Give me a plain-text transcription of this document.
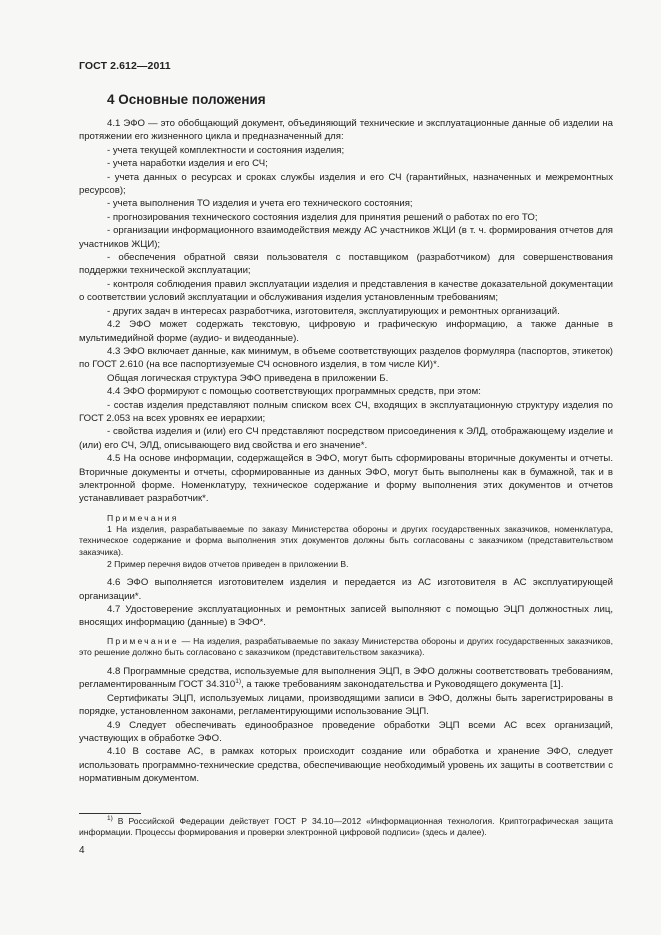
ГОСТ 2.612—2011
4 Основные положения

4.1 ЭФО — это обобщающий документ, объединяющий технические и эксплуатационные данные об изделии на протяжении его жизненного цикла и предназначенный для:

- учета текущей комплектности и состояния изделия;

- учета наработки изделия и его СЧ;

- учета данных о ресурсах и сроках службы изделия и его СЧ (гарантийных, назначенных и межремонтных ресурсов);

- учета выполнения ТО изделия и учета его технического состояния;

- прогнозирования технического состояния изделия для принятия решений о работах по его ТО;

- организации информационного взаимодействия между АС участников ЖЦИ (в т. ч. формирования отчетов для участников ЖЦИ);

- обеспечения обратной связи пользователя с поставщиком (разработчиком) для совершенствования поддержки технической эксплуатации;

- контроля соблюдения правил эксплуатации изделия и представления в качестве доказательной документации о соответствии условий эксплуатации и обслуживания изделия установленным требованиям;

- других задач в интересах разработчика, изготовителя, эксплуатирующих и ремонтных организаций.

4.2 ЭФО может содержать текстовую, цифровую и графическую информацию, а также данные в мультимедийной форме (аудио- и видеоданные).

4.3 ЭФО включает данные, как минимум, в объеме соответствующих разделов формуляра (паспортов, этикеток) по ГОСТ 2.610 (на все паспортизуемые СЧ основного изделия, в том числе КИ)*.

Общая логическая структура ЭФО приведена в приложении Б.

4.4 ЭФО формируют с помощью соответствующих программных средств, при этом:

- состав изделия представляют полным списком всех СЧ, входящих в эксплуатационную структуру изделия по ГОСТ 2.053 на всех уровнях ее иерархии;

- свойства изделия и (или) его СЧ представляют посредством присоединения к ЭЛД, отображающему изделие и (или) его СЧ, ЭЛД, описывающего вид свойства и его значение*.

4.5 На основе информации, содержащейся в ЭФО, могут быть сформированы вторичные документы и отчеты. Вторичные документы и отчеты, сформированные из данных ЭФО, могут быть выполнены как в бумажной, так и в электронной форме. Номенклатуру, техническое содержание и форму выполнения этих документов и отчетов устанавливает разработчик*.

Примечания

1 На изделия, разрабатываемые по заказу Министерства обороны и других государственных заказчиков, номенклатура, техническое содержание и форма выполнения этих документов должны быть согласованы с заказчиком (представительством заказчика).

2 Пример перечня видов отчетов приведен в приложении В.

4.6 ЭФО выполняется изготовителем изделия и передается из АС изготовителя в АС эксплуатирующей организации*.

4.7 Удостоверение эксплуатационных и ремонтных записей выполняют с помощью ЭЦП должностных лиц, вносящих информацию (данные) в ЭФО*.

Примечание — На изделия, разрабатываемые по заказу Министерства обороны и других государственных заказчиков, это решение должно быть согласовано с заказчиком (представительством заказчика).

4.8 Программные средства, используемые для выполнения ЭЦП, в ЭФО должны соответствовать требованиям, регламентированным ГОСТ 34.310$^{1)}$, а также требованиям законодательства и Руководящего документа [1].

Сертификаты ЭЦП, используемых лицами, производящими записи в ЭФО, должны быть зарегистрированы в порядке, установленном законами, регламентирующими использование ЭЦП.

4.9 Следует обеспечивать единообразное проведение обработки ЭЦП всеми АС всех организаций, участвующих в обработке ЭФО.

4.10 В составе АС, в рамках которых происходит создание или обработка и хранение ЭФО, следует использовать программно-технические средства, обеспечивающие необходимый уровень их защиты в соответствии с нормативным документом.

$^{1)}$ В Российской Федерации действует ГОСТ Р 34.10—2012 «Информационная технология. Криптографическая защита информации. Процессы формирования и проверки электронной цифровой подписи» (здесь и далее).

4
